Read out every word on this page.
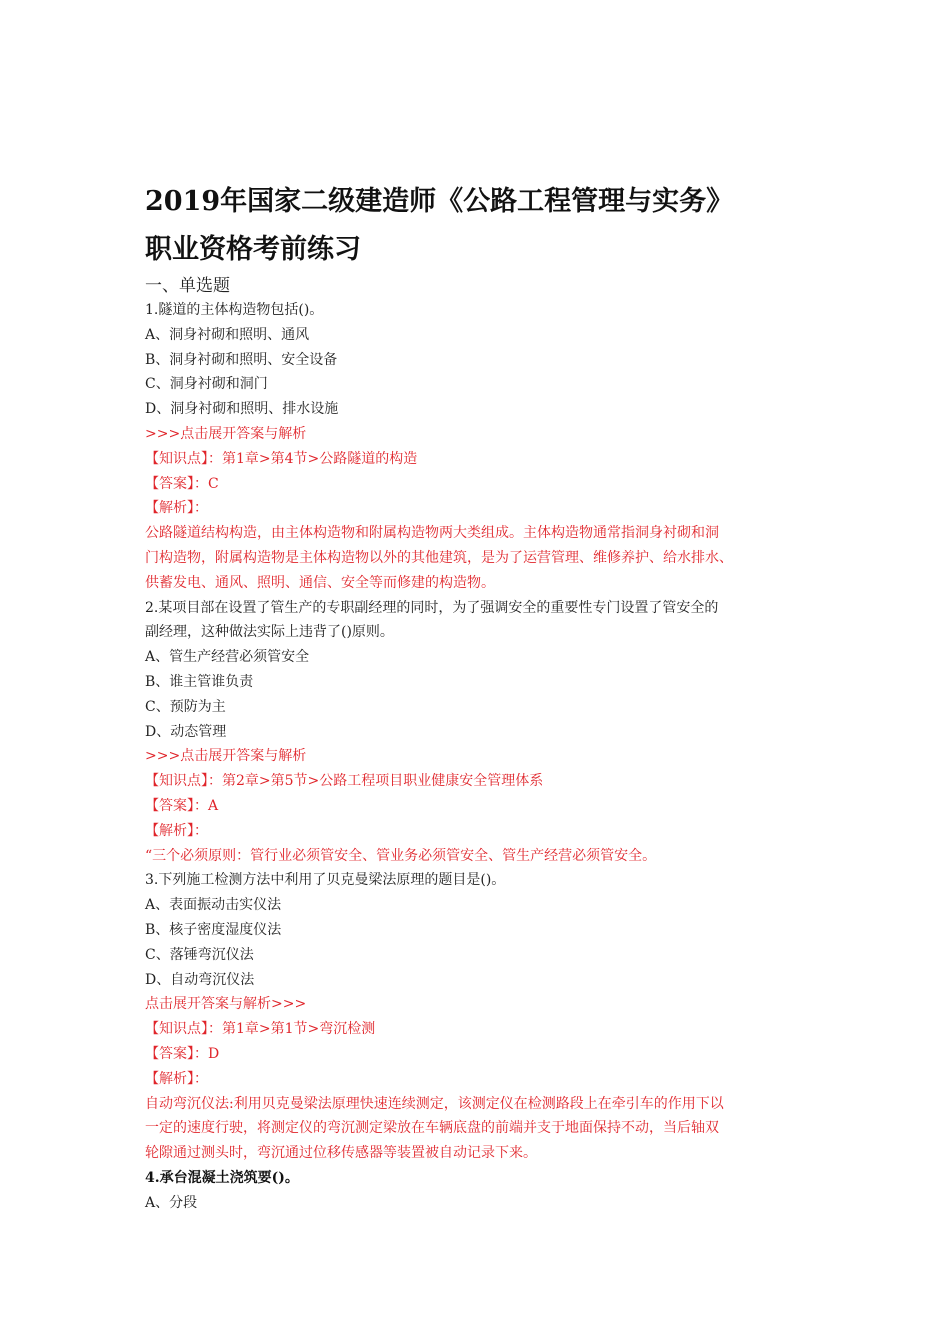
2019年国家二级建造师《公路工程管理与实务》
职业资格考前练习

一、单选题

1.隧道的主体构造物包括()。

A、洞身衬砌和照明、通风

B、洞身衬砌和照明、安全设备

C、洞身衬砌和洞门

D、洞身衬砌和照明、排水设施

>>>点击展开答案与解析

【知识点】：第1章>第4节>公路隧道的构造

【答案】：C

【解析】：

公路隧道结构构造，由主体构造物和附属构造物两大类组成。主体构造物通常指洞身衬砌和洞
门构造物，附属构造物是主体构造物以外的其他建筑，是为了运营管理、维修养护、给水排水、
供蓄发电、通风、照明、通信、安全等而修建的构造物。

2.某项目部在设置了管生产的专职副经理的同时，为了强调安全的重要性专门设置了管安全的
副经理，这种做法实际上违背了()原则。

A、管生产经营必须管安全

B、谁主管谁负责

C、预防为主

D、动态管理

>>>点击展开答案与解析

【知识点】：第2章>第5节>公路工程项目职业健康安全管理体系

【答案】：A

【解析】：

“三个必须原则：管行业必须管安全、管业务必须管安全、管生产经营必须管安全。

3.下列施工检测方法中利用了贝克曼梁法原理的题目是()。

A、表面振动击实仪法

B、核子密度湿度仪法

C、落锤弯沉仪法

D、自动弯沉仪法

点击展开答案与解析>>>

【知识点】：第1章>第1节>弯沉检测

【答案】：D

【解析】：

自动弯沉仪法:利用贝克曼梁法原理快速连续测定，该测定仪在检测路段上在牵引车的作用下以
一定的速度行驶，将测定仪的弯沉测定梁放在车辆底盘的前端并支于地面保持不动，当后轴双
轮隙通过测头时，弯沉通过位移传感器等装置被自动记录下来。

4.承台混凝土浇筑要()。

A、分段
